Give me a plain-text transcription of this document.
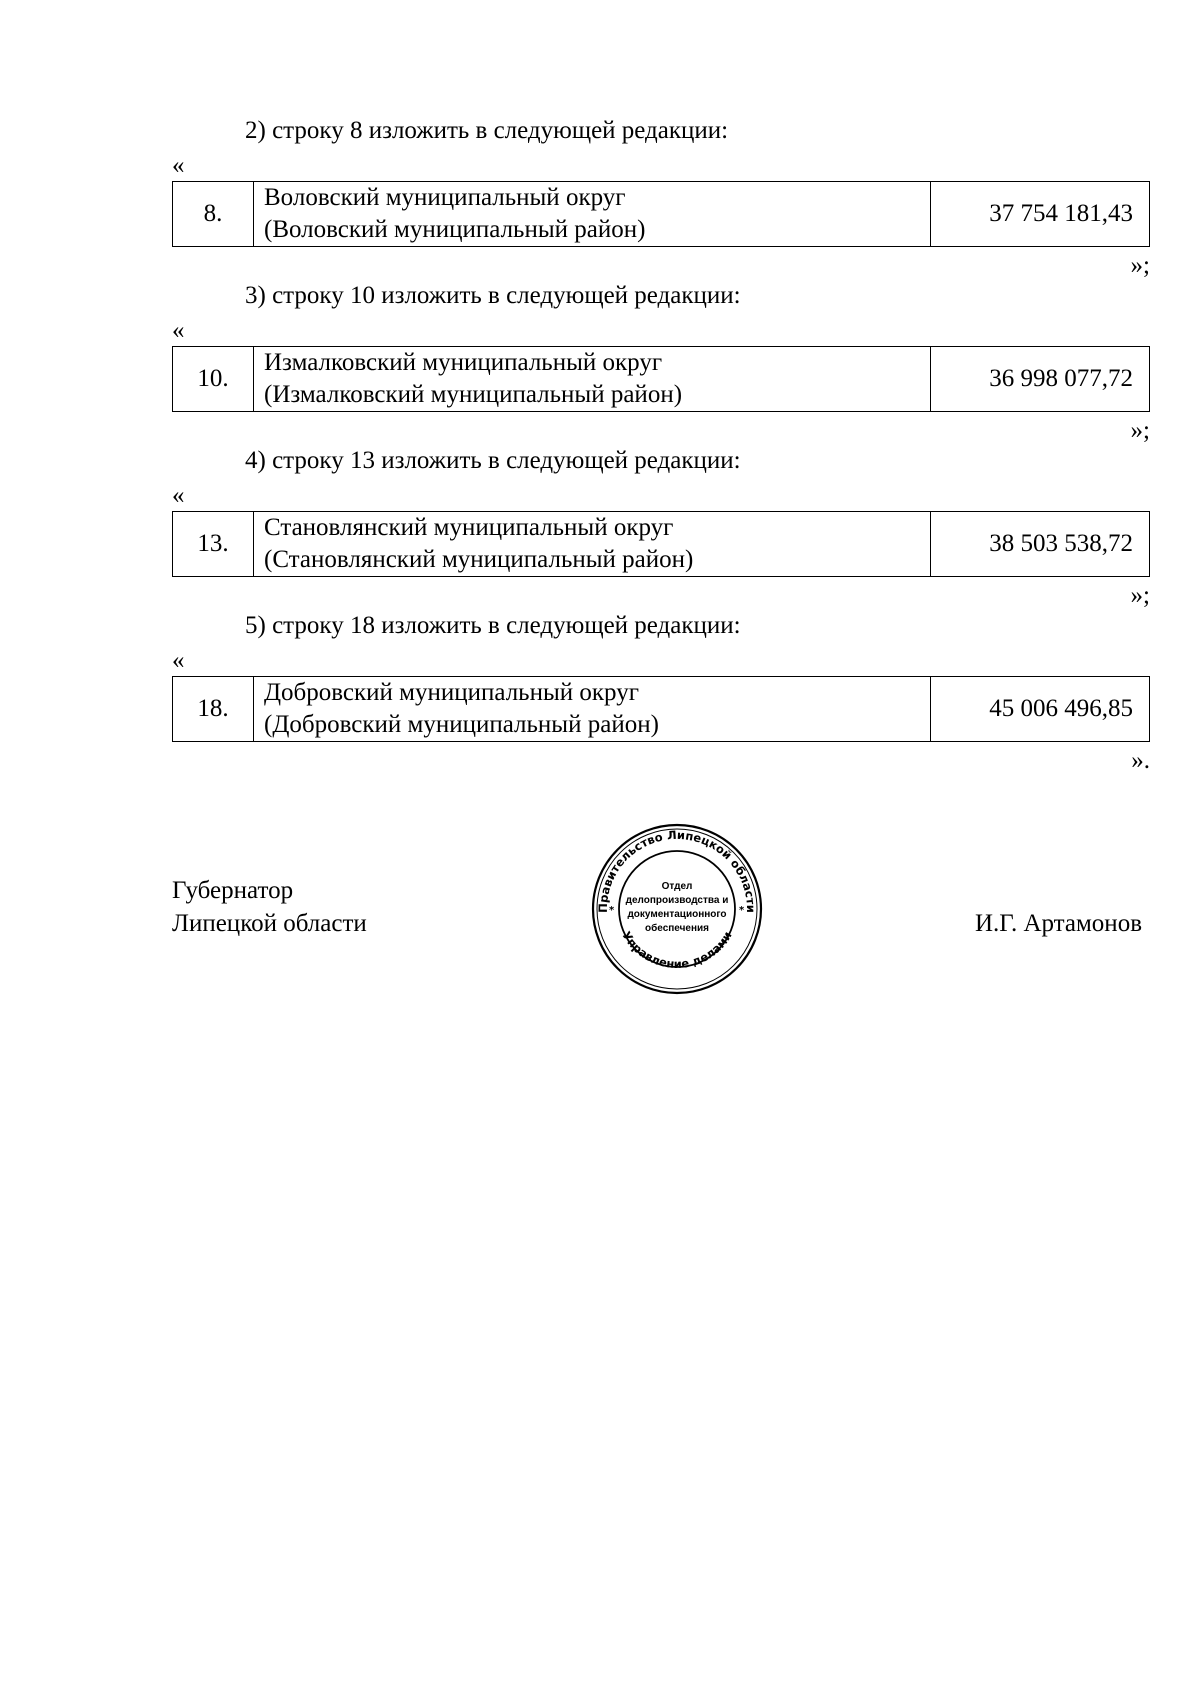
2) строку 8 изложить в следующей редакции:
«
8.	
Воловский муниципальный округ
(Воловский муниципальный район)
	37 754 181,43
»;
3) строку 10 изложить в следующей редакции:
«
10.	
Измалковский муниципальный округ
(Измалковский муниципальный район)
	36 998 077,72
»;
4) строку 13 изложить в следующей редакции:
«
13.	
Становлянский муниципальный округ
(Становлянский муниципальный район)
	38 503 538,72
»;
5) строку 18 изложить в следующей редакции:
«
18.	
Добровский муниципальный округ
(Добровский муниципальный район)
	45 006 496,85
».
Губернатор
Липецкой области	И.Г. Артамонов
Правительство Липецкой области
Управление делами
*	*
Отдел
делопроизводства и
документационного
обеспечения
